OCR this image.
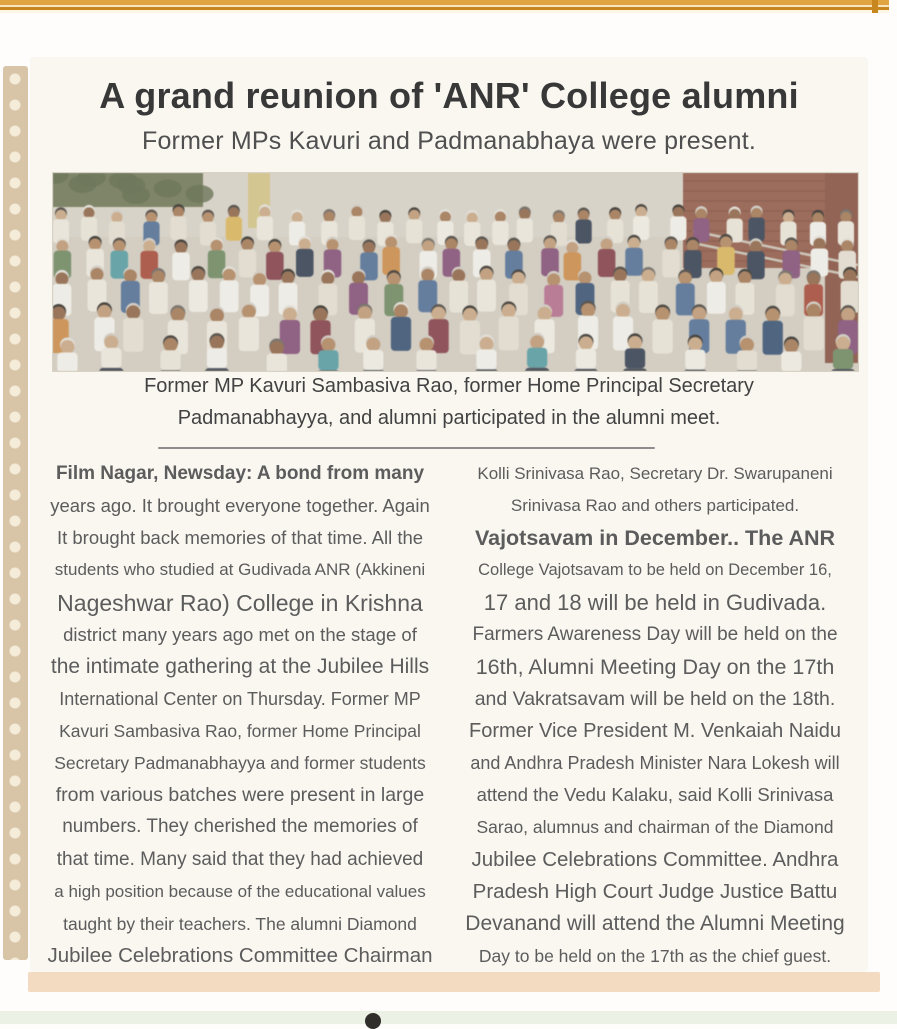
A grand reunion of 'ANR' College alumni
Former MPs Kavuri and Padmanabhaya were present.
Former MP Kavuri Sambasiva Rao, former Home Principal Secretary
Padmanabhayya, and alumni participated in the alumni meet.
Film Nagar, Newsday: A bond from many
years ago. It brought everyone together. Again
It brought back memories of that time. All the
students who studied at Gudivada ANR (Akkineni
Nageshwar Rao) College in Krishna
district many years ago met on the stage of
the intimate gathering at the Jubilee Hills
International Center on Thursday. Former MP
Kavuri Sambasiva Rao, former Home Principal
Secretary Padmanabhayya and former students
from various batches were present in large
numbers. They cherished the memories of
that time. Many said that they had achieved
a high position because of the educational values
taught by their teachers. The alumni Diamond
Jubilee Celebrations Committee Chairman
Kolli Srinivasa Rao, Secretary Dr. Swarupaneni
Srinivasa Rao and others participated.
Vajotsavam in December.. The ANR
College Vajotsavam to be held on December 16,
17 and 18 will be held in Gudivada.
Farmers Awareness Day will be held on the
16th, Alumni Meeting Day on the 17th
and Vakratsavam will be held on the 18th.
Former Vice President M. Venkaiah Naidu
and Andhra Pradesh Minister Nara Lokesh will
attend the Vedu Kalaku, said Kolli Srinivasa
Sarao, alumnus and chairman of the Diamond
Jubilee Celebrations Committee. Andhra
Pradesh High Court Judge Justice Battu
Devanand will attend the Alumni Meeting
Day to be held on the 17th as the chief guest.
